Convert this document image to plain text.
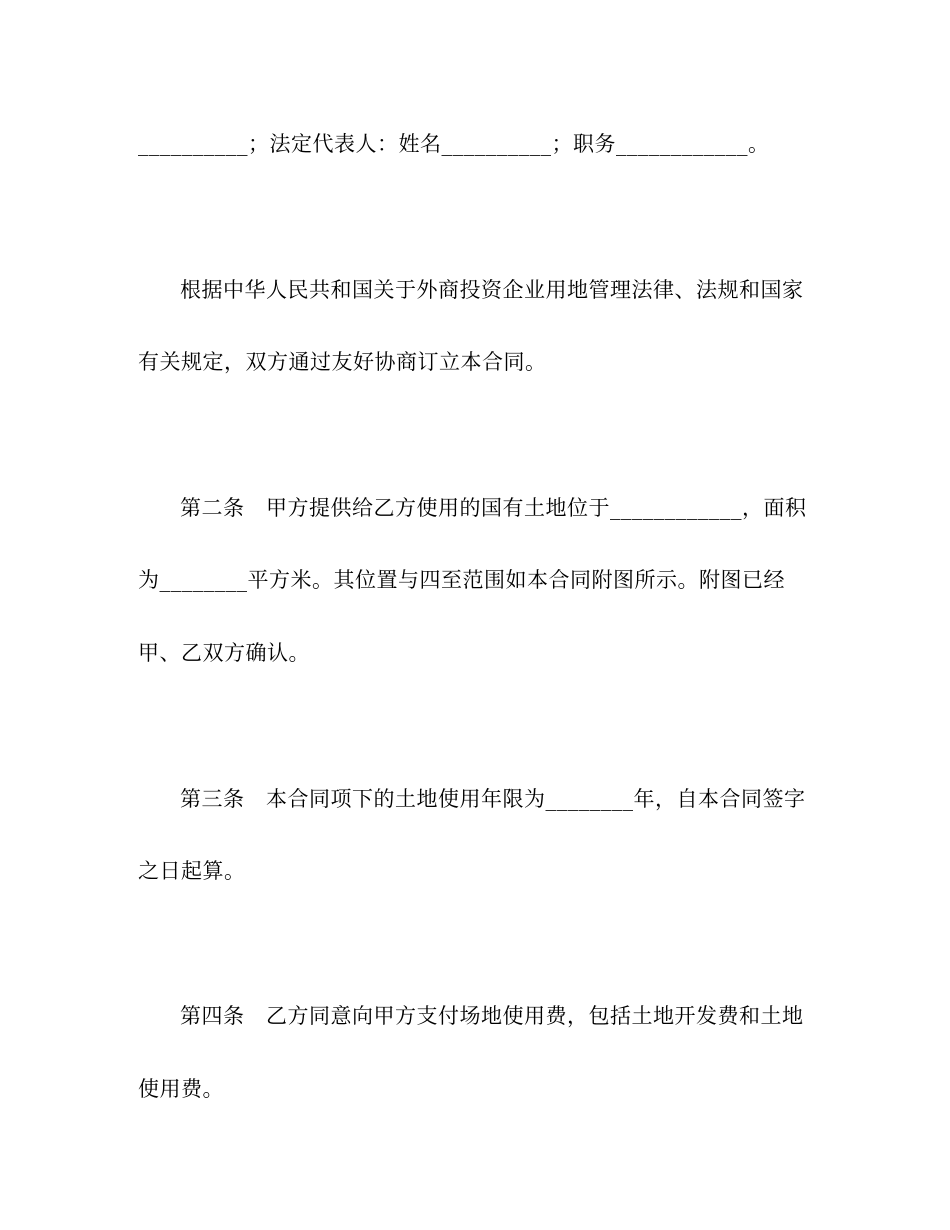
__________；法定代表人：姓名__________；职务____________。
根据中华人民共和国关于外商投资企业用地管理法律、法规和国家
有关规定，双方通过友好协商订立本合同。
第二条　甲方提供给乙方使用的国有土地位于____________，面积
为________平方米。其位置与四至范围如本合同附图所示。附图已经
甲、乙双方确认。
第三条　本合同项下的土地使用年限为________年，自本合同签字
之日起算。
第四条　乙方同意向甲方支付场地使用费，包括土地开发费和土地
使用费。
